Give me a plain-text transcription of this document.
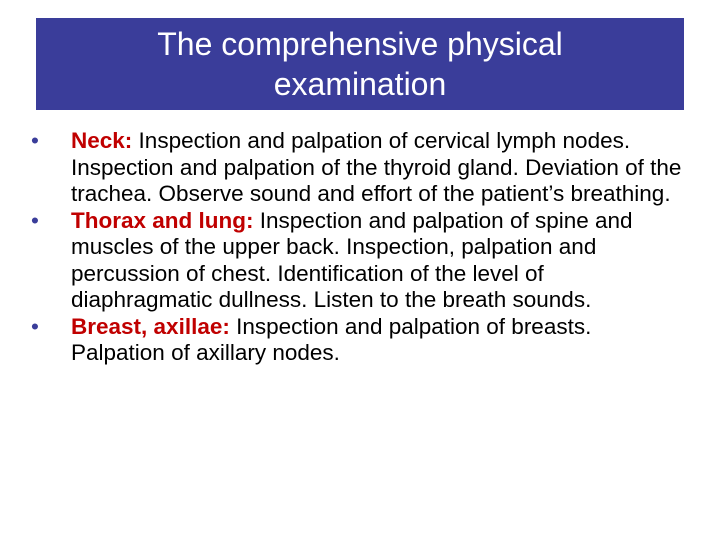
The comprehensive physical examination
• Neck: Inspection and palpation of cervical lymph nodes. Inspection and palpation of the thyroid gland. Deviation of the trachea. Observe sound and effort of the patient’s breathing.
• Thorax and lung: Inspection and palpation of spine and muscles of the upper back. Inspection, palpation and percussion of chest. Identification of the level of diaphragmatic dullness. Listen to the breath sounds.
• Breast, axillae: Inspection and palpation of breasts. Palpation of axillary nodes.
